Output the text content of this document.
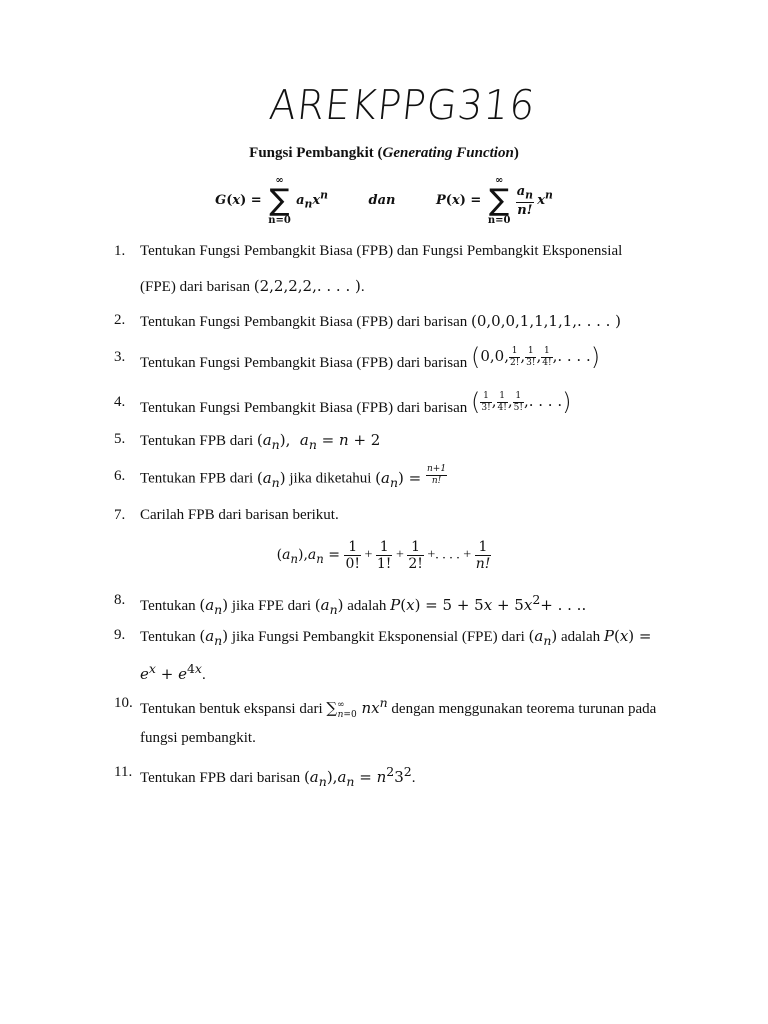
AREKPPG316
Fungsi Pembangkit (Generating Function)
G(x) =
∞
∑
n=0
$a_nx^n$	dan	P(x) =
∞
∑
n=0

$\frac{a_n}{n!} x^n$
1. Tentukan Fungsi Pembangkit Biasa (FPB) dan Fungsi Pembangkit Eksponensial
(FPE) dari barisan (2,2,2,2,. . . . ).
2. Tentukan Fungsi Pembangkit Biasa (FPB) dari barisan (0,0,0,1,1,1,1,. . . . )
3. Tentukan Fungsi Pembangkit Biasa (FPB) dari barisan (0,0, $\frac{1}{2!}$ , $\frac{1}{3!}$ , $\frac{1}{4!}$ ,. . . .)
4. Tentukan Fungsi Pembangkit Biasa (FPB) dari barisan ( $\frac{1}{3!}$ , $\frac{1}{4!}$ , $\frac{1}{5!}$ ,. . . .)
5. Tentukan FPB dari $(a_n)$,  $a_n = n + 2$
6. Tentukan FPB dari $(a_n)$ jika diketahui $(a_n) = \frac{n+1}{n!}$
7. Carilah FPB dari barisan berikut.
$(a_n),a_n = \frac{1}{0!} + \frac{1}{1!} + \frac{1}{2!}$ +. . . . + $\frac{1}{n!}$
8. Tentukan $(a_n)$ jika FPE dari $(a_n)$ adalah $P(x) = 5 + 5x + 5x^2+$ . . ..
9. Tentukan $(a_n)$ jika Fungsi Pembangkit Eksponensial (FPE) dari $(a_n)$ adalah P(x) =
$e^x + e^{4x}$.
10. Tentukan bentuk ekspansi dari $\sum^\infty_{n=0}$ $nx^n$ dengan menggunakan teorema turunan pada
fungsi pembangkit.
11. Tentukan FPB dari barisan $(a_n),a_n = n^23^2$.
